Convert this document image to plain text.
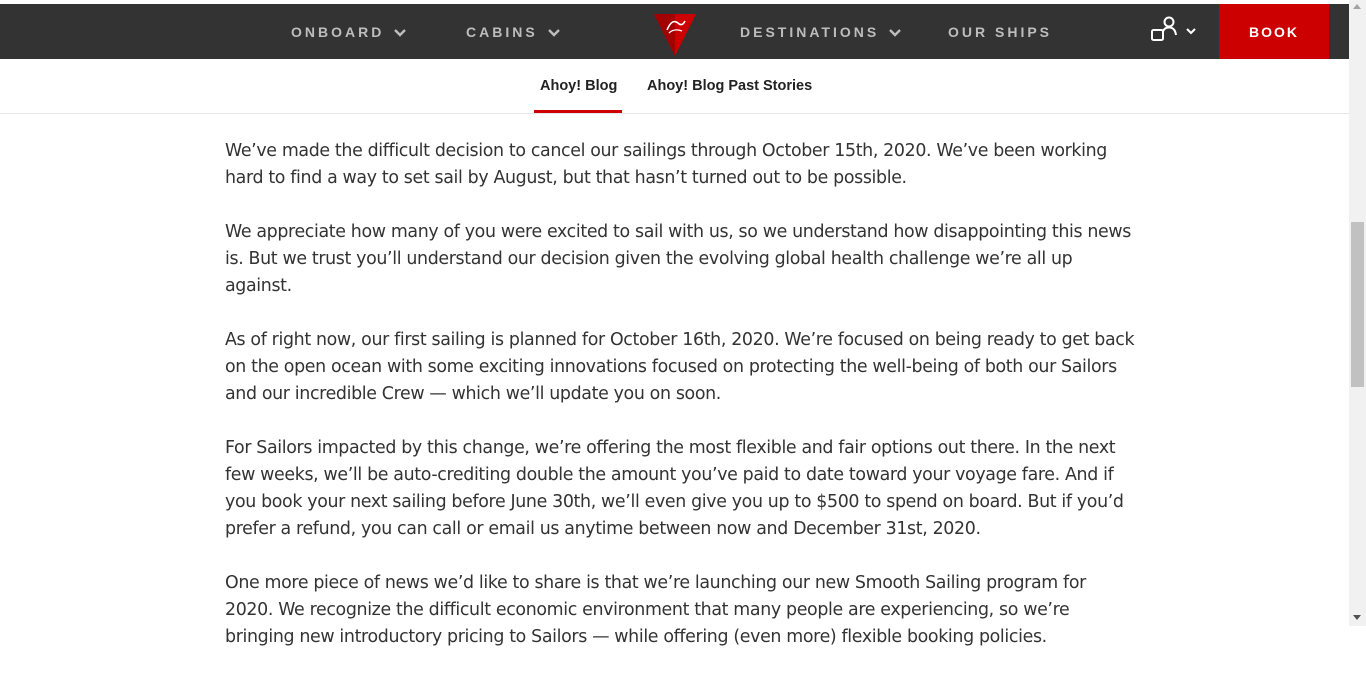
ONBOARD	CABINS	DESTINATIONS	OUR SHIPS	BOOK
Ahoy! Blog Ahoy! Blog Past Stories

We’ve made the difficult decision to cancel our sailings through October 15th, 2020. We’ve been working hard to find a way to set sail by August, but that hasn’t turned out to be possible.

We appreciate how many of you were excited to sail with us, so we understand how disappointing this news is. But we trust you’ll understand our decision given the evolving global health challenge we’re all up against.

As of right now, our first sailing is planned for October 16th, 2020. We’re focused on being ready to get back on the open ocean with some exciting innovations focused on protecting the well-being of both our Sailors and our incredible Crew — which we’ll update you on soon.

For Sailors impacted by this change, we’re offering the most flexible and fair options out there. In the next few weeks, we’ll be auto-crediting double the amount you’ve paid to date toward your voyage fare. And if you book your next sailing before June 30th, we’ll even give you up to $500 to spend on board. But if you’d prefer a refund, you can call or email us anytime between now and December 31st, 2020.

One more piece of news we’d like to share is that we’re launching our new Smooth Sailing program for 2020. We recognize the difficult economic environment that many people are experiencing, so we’re bringing new introductory pricing to Sailors — while offering (even more) flexible booking policies.
